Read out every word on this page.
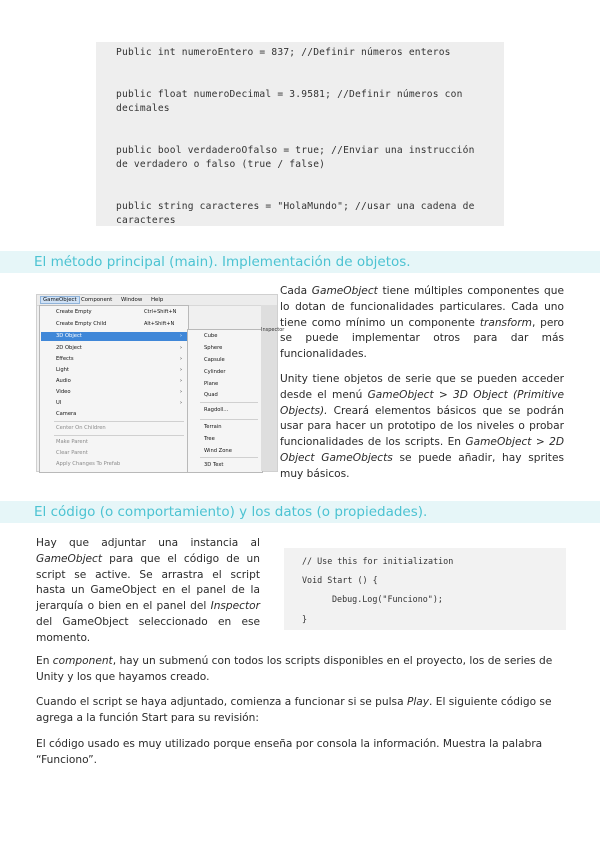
Public int numeroEntero = 837; //Definir números enteros
public float numeroDecimal = 3.9581; //Definir números con decimales
public bool verdaderoOfalso = true; //Enviar una instrucción de verdadero o falso (true / false)
public string caracteres = "HolaMundo"; //usar una cadena de caracteres
El método principal (main). Implementación de objetos.
GameObject Component Window Help
Create Empty	Ctrl+Shift+N
Create Empty Child	Alt+Shift+N
3D Object	›
2D Object	›
Effects	›
Light	›
Audio	›
Video	›
UI	›
Camera
Center On Children
Make Parent
Clear Parent
Apply Changes To Prefab
Cube
Sphere
Capsule
Cylinder
Plane
Quad
Ragdoll...
Terrain
Tree
Wind Zone
3D Text
Inspector
Cada GameObject tiene múltiples componentes que lo dotan de funcionalidades particulares. Cada uno tiene como mínimo un componente transform, pero se puede implementar otros para dar más funcionalidades.
Unity tiene objetos de serie que se pueden acceder desde el menú GameObject > 3D Object (Primitive Objects). Creará elementos básicos que se podrán usar para hacer un prototipo de los niveles o probar funcionalidades de los scripts. En GameObject > 2D Object GameObjects se puede añadir, hay sprites muy básicos.
El código (o comportamiento) y los datos (o propiedades).
Hay que adjuntar una instancia al GameObject para que el código de un script se active. Se arrastra el script hasta un GameObject en el panel de la jerarquía o bien en el panel del Inspector del GameObject seleccionado en ese momento.
// Use this for initialization
Void Start () {
Debug.Log("Funciono");
}
En component, hay un submenú con todos los scripts disponibles en el proyecto, los de series de Unity y los que hayamos creado.
Cuando el script se haya adjuntado, comienza a funcionar si se pulsa Play. El siguiente código se agrega a la función Start para su revisión:
El código usado es muy utilizado porque enseña por consola la información. Muestra la palabra “Funciono”.
